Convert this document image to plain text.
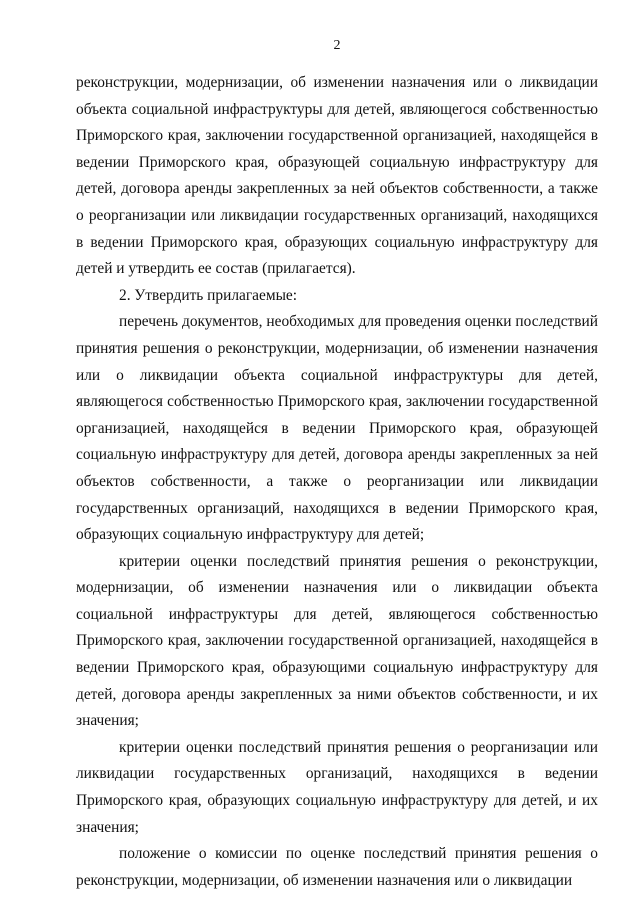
2

реконструкции, модернизации, об изменении назначения или о ликвидации объекта социальной инфраструктуры для детей, являющегося собственностью Приморского края, заключении государственной организацией, находящейся в ведении Приморского края, образующей социальную инфраструктуру для детей, договора аренды закрепленных за ней объектов собственности, а также о реорганизации или ликвидации государственных организаций, находящихся в ведении Приморского края, образующих социальную инфраструктуру для детей и утвердить ее состав (прилагается).

2. Утвердить прилагаемые:

перечень документов, необходимых для проведения оценки последствий принятия решения о реконструкции, модернизации, об изменении назначения или о ликвидации объекта социальной инфраструктуры для детей, являющегося собственностью Приморского края, заключении государственной организацией, находящейся в ведении Приморского края, образующей социальную инфраструктуру для детей, договора аренды закрепленных за ней объектов собственности, а также о реорганизации или ликвидации государственных организаций, находящихся в ведении Приморского края, образующих социальную инфраструктуру для детей;

критерии оценки последствий принятия решения о реконструкции, модернизации, об изменении назначения или о ликвидации объекта социальной инфраструктуры для детей, являющегося собственностью Приморского края, заключении государственной организацией, находящейся в ведении Приморского края, образующими социальную инфраструктуру для детей, договора аренды закрепленных за ними объектов собственности, и их значения;

критерии оценки последствий принятия решения о реорганизации или ликвидации государственных организаций, находящихся в ведении Приморского края, образующих социальную инфраструктуру для детей, и их значения;

положение о комиссии по оценке последствий принятия решения о реконструкции, модернизации, об изменении назначения или о ликвидации
